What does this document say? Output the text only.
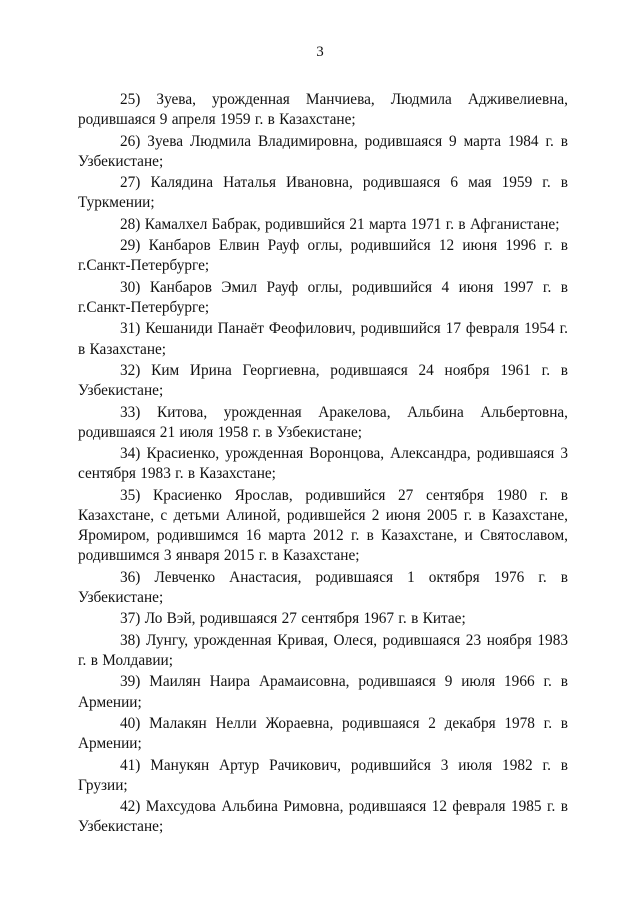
3

25) Зуева, урожденная Манчиева, Людмила Адживелиевна, родившаяся 9 апреля 1959 г. в Казахстане;

26) Зуева Людмила Владимировна, родившаяся 9 марта 1984 г. в Узбекистане;

27) Калядина Наталья Ивановна, родившаяся 6 мая 1959 г. в Туркмении;

28) Камалхел Бабрак, родившийся 21 марта 1971 г. в Афганистане;

29) Канбаров Елвин Рауф оглы, родившийся 12 июня 1996 г. в г.Санкт-Петербурге;

30) Канбаров Эмил Рауф оглы, родившийся 4 июня 1997 г. в г.Санкт-Петербурге;

31) Кешаниди Панаёт Феофилович, родившийся 17 февраля 1954 г. в Казахстане;

32) Ким Ирина Георгиевна, родившаяся 24 ноября 1961 г. в Узбекистане;

33) Китова, урожденная Аракелова, Альбина Альбертовна, родившаяся 21 июля 1958 г. в Узбекистане;

34) Красиенко, урожденная Воронцова, Александра, родившаяся 3 сентября 1983 г. в Казахстане;

35) Красиенко Ярослав, родившийся 27 сентября 1980 г. в Казахстане, с детьми Алиной, родившейся 2 июня 2005 г. в Казахстане, Яромиром, родившимся 16 марта 2012 г. в Казахстане, и Святославом, родившимся 3 января 2015 г. в Казахстане;

36) Левченко Анастасия, родившаяся 1 октября 1976 г. в Узбекистане;

37) Ло Вэй, родившаяся 27 сентября 1967 г. в Китае;

38) Лунгу, урожденная Кривая, Олеся, родившаяся 23 ноября 1983 г. в Молдавии;

39) Маилян Наира Арамаисовна, родившаяся 9 июля 1966 г. в Армении;

40) Малакян Нелли Жораевна, родившаяся 2 декабря 1978 г. в Армении;

41) Манукян Артур Рачикович, родившийся 3 июля 1982 г. в Грузии;

42) Махсудова Альбина Римовна, родившаяся 12 февраля 1985 г. в Узбекистане;
